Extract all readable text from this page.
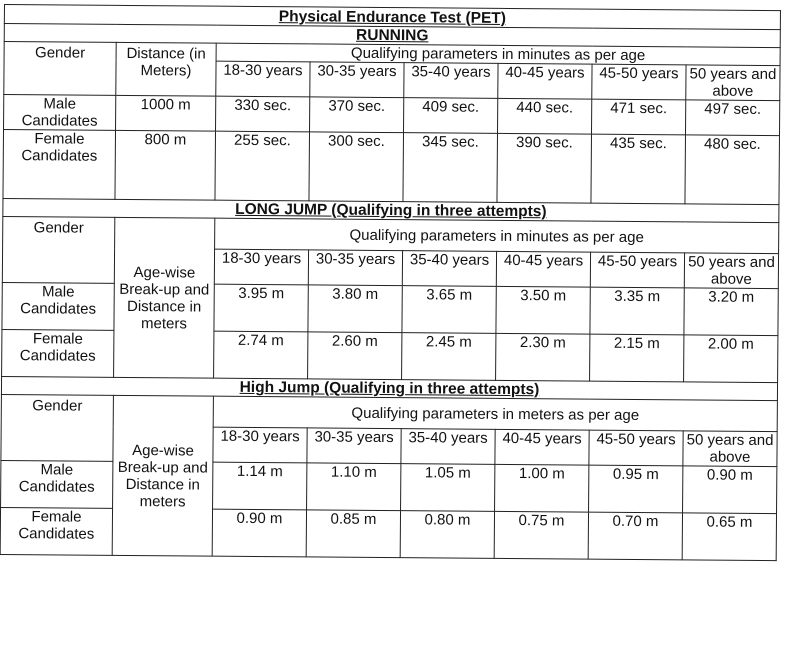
Physical Endurance Test (PET)							
RUNNING							
Gender	Distance (in Meters)	Qualifying parameters in minutes as per age					
		18-30 years	30-35 years	35-40 years	40-45 years	45-50 years	50 years and above
Male Candidates	1000 m	330 sec.	370 sec.	409 sec.	440 sec.	471 sec.	497 sec.
Female Candidates	800 m	255 sec.	300 sec.	345 sec.	390 sec.	435 sec.	480 sec.
LONG JUMP (Qualifying in three attempts)							
Gender	Age-wise Break-up and Distance in meters	Qualifying parameters in minutes as per age					
		18-30 years	30-35 years	35-40 years	40-45 years	45-50 years	50 years and above
Male Candidates		3.95 m	3.80 m	3.65 m	3.50 m	3.35 m	3.20 m
Female Candidates		2.74 m	2.60 m	2.45 m	2.30 m	2.15 m	2.00 m
High Jump (Qualifying in three attempts)							
Gender	Age-wise Break-up and Distance in meters	Qualifying parameters in meters as per age					
		18-30 years	30-35 years	35-40 years	40-45 years	45-50 years	50 years and above
Male Candidates		1.14 m	1.10 m	1.05 m	1.00 m	0.95 m	0.90 m
Female Candidates		0.90 m	0.85 m	0.80 m	0.75 m	0.70 m	0.65 m
